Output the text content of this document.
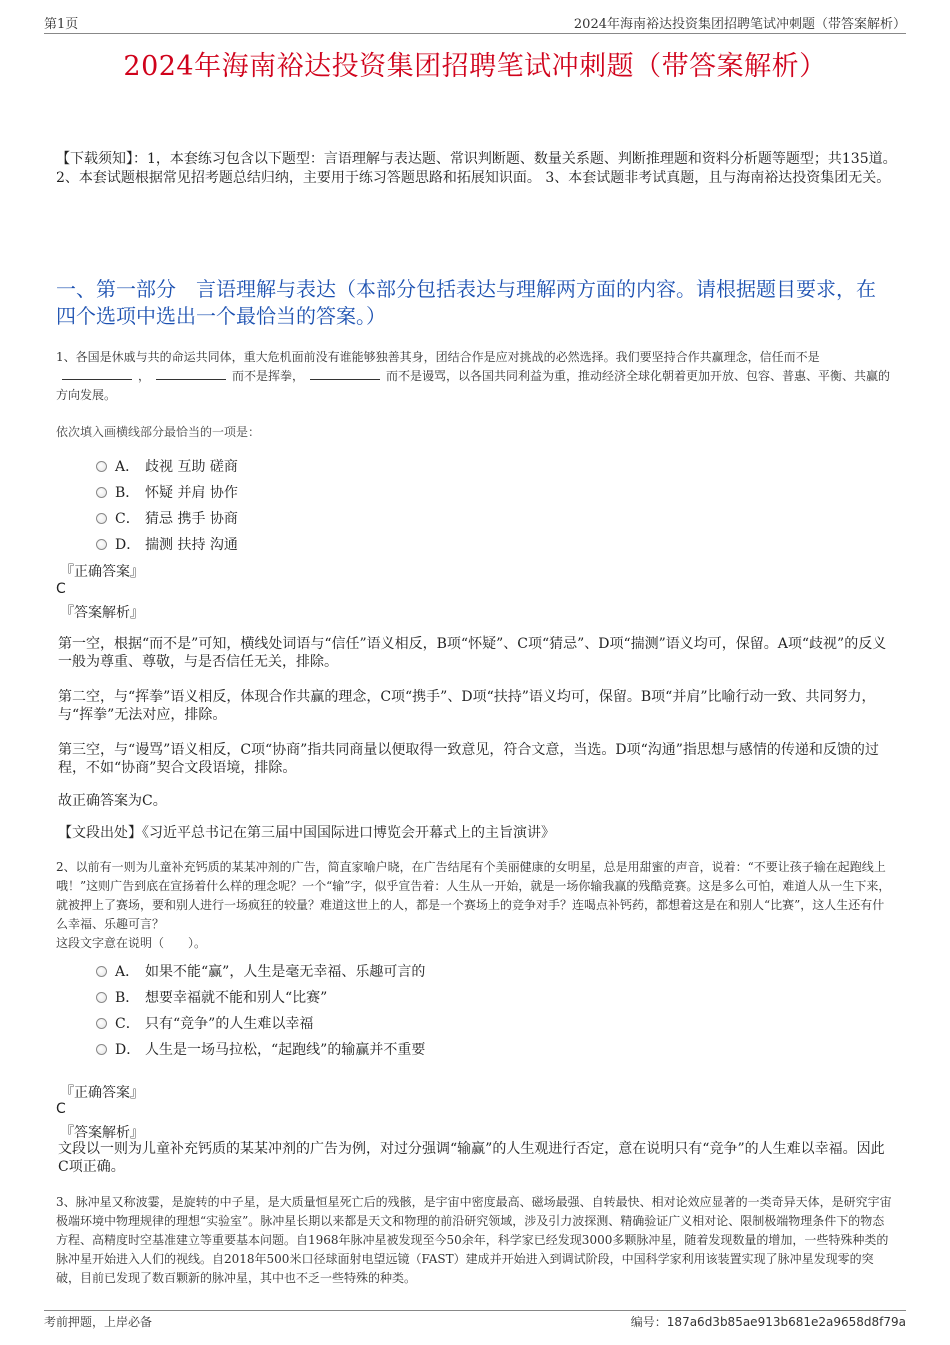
第1页	2024年海南裕达投资集团招聘笔试冲刺题（带答案解析）
2024年海南裕达投资集团招聘笔试冲刺题（带答案解析）

【下载须知】：1，本套练习包含以下题型：言语理解与表达题、常识判断题、数量关系题、判断推理题和资料分析题等题型；共135道。 2、本套试题根据常见招考题总结归纳，主要用于练习答题思路和拓展知识面。 3、本套试题非考试真题，且与海南裕达投资集团无关。

一、第一部分　言语理解与表达（本部分包括表达与理解两方面的内容。请根据题目要求，在四个选项中选出一个最恰当的答案。）

1、各国是休戚与共的命运共同体，重大危机面前没有谁能够独善其身，团结合作是应对挑战的必然选择。我们要坚持合作共赢理念，信任而不是，	而不是挥拳，	而不是谩骂，以各国共同利益为重，推动经济全球化朝着更加开放、包容、普惠、平衡、共赢的方向发展。

依次填入画横线部分最恰当的一项是：

A． 歧视 互助 磋商
B． 怀疑 并肩 协作
C． 猜忌 携手 协商
D． 揣测 扶持 沟通
『正确答案』
C
『答案解析』

第一空，根据“而不是”可知，横线处词语与“信任”语义相反，B项“怀疑”、C项“猜忌”、D项“揣测”语义均可，保留。A项“歧视”的反义一般为尊重、尊敬，与是否信任无关，排除。

第二空，与“挥拳”语义相反，体现合作共赢的理念，C项“携手”、D项“扶持”语义均可，保留。B项“并肩”比喻行动一致、共同努力，与“挥拳”无法对应，排除。

第三空，与“谩骂”语义相反，C项“协商”指共同商量以便取得一致意见，符合文意，当选。D项“沟通”指思想与感情的传递和反馈的过程，不如“协商”契合文段语境，排除。

故正确答案为C。

【文段出处】《习近平总书记在第三届中国国际进口博览会开幕式上的主旨演讲》

2、以前有一则为儿童补充钙质的某某冲剂的广告，简直家喻户晓，在广告结尾有个美丽健康的女明星，总是用甜蜜的声音，说着：“不要让孩子输在起跑线上哦！”这则广告到底在宣扬着什么样的理念呢？一个“输”字，似乎宣告着：人生从一开始，就是一场你输我赢的残酷竞赛。这是多么可怕，难道人从一生下来，就被押上了赛场，要和别人进行一场疯狂的较量？难道这世上的人，都是一个赛场上的竞争对手？连喝点补钙药，都想着这是在和别人“比赛”，这人生还有什么幸福、乐趣可言？
这段文字意在说明（　　）。

A． 如果不能“赢”，人生是毫无幸福、乐趣可言的
B． 想要幸福就不能和别人“比赛”
C． 只有“竞争”的人生难以幸福
D． 人生是一场马拉松，“起跑线”的输赢并不重要
『正确答案』
C
『答案解析』

文段以一则为儿童补充钙质的某某冲剂的广告为例，对过分强调“输赢”的人生观进行否定，意在说明只有“竞争”的人生难以幸福。因此C项正确。

3、脉冲星又称波霎，是旋转的中子星，是大质量恒星死亡后的残骸，是宇宙中密度最高、磁场最强、自转最快、相对论效应显著的一类奇异天体，是研究宇宙极端环境中物理规律的理想“实验室”。脉冲星长期以来都是天文和物理的前沿研究领域，涉及引力波探测、精确验证广义相对论、限制极端物理条件下的物态方程、高精度时空基准建立等重要基本问题。自1968年脉冲星被发现至今50余年，科学家已经发现3000多颗脉冲星，随着发现数量的增加，一些特殊种类的脉冲星开始进入人们的视线。自2018年500米口径球面射电望远镜（FAST）建成并开始进入到调试阶段，中国科学家利用该装置实现了脉冲星发现零的突破，目前已发现了数百颗新的脉冲星，其中也不乏一些特殊的种类。

考前押题，上岸必备	编号：187a6d3b85ae913b681e2a9658d8f79a
